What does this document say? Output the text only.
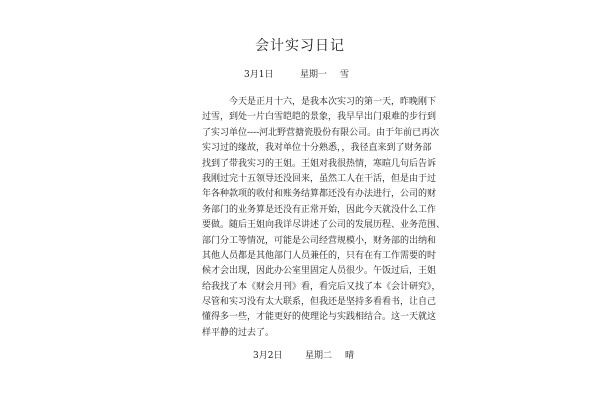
会计实习日记
3月1日	星期一 雪
今天是正月十六，是我本次实习的第一天，昨晚刚下
过雪，到处一片白雪皑皑的景象，我早早出门艰难的步行到
了实习单位----河北野营搪瓷股份有限公司。由于年前已再次
实习过的缘故，我对单位十分熟悉，，我径直来到了财务部
找到了带我实习的王姐。王姐对我很热情，寒暄几句后告诉
我刚过完十五领导还没回来，虽然工人在干活，但是由于过
年各种款项的收付和账务结算都还没有办法进行，公司的财
务部门的业务算是还没有正常开始，因此今天就没什么工作
要做。随后王姐向我详尽讲述了公司的发展历程、业务范围、
部门分工等情况，可能是公司经营规模小，财务部的出纳和
其他人员都是其他部门人员兼任的，只有在有工作需要的时
候才会出现，因此办公室里固定人员很少。午饭过后，王姐
给我找了本《财会月刊》看，看完后又找了本《会计研究》，
尽管和实习没有太大联系，但我还是坚持多看看书，让自己
懂得多一些，才能更好的使理论与实践相结合。这一天就这
样平静的过去了。
3月2日	星期二 晴
